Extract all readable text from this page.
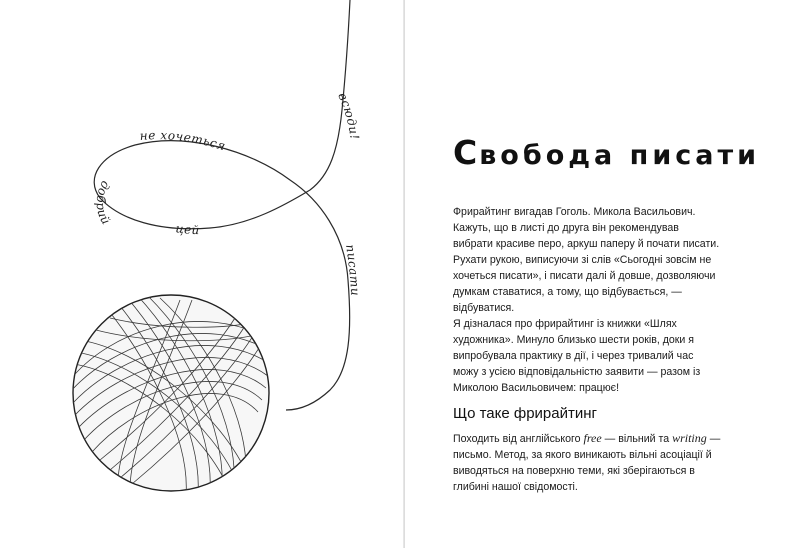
всюди!
не хочеться
добрий
цей
писати
Свобода писати

Фрирайтинг вигадав Гоголь. Микола Васильович. Кажуть, що в листі до друга він рекомендував вибрати красиве перо, аркуш паперу й почати писати. Рухати рукою, виписуючи зі слів «Сьогодні зовсім не хочеться писати», і писати далі й довше, дозволяючи думкам ставатися, а тому, що відбувається, — відбуватися.

Я дізналася про фрирайтинг із книжки «Шлях художника». Минуло близько шести років, доки я випробувала практику в дії, і через тривалий час можу з усією відповідальністю заявити — разом із Миколою Васильовичем: працює!

Що таке фрирайтинг

Походить від англійського free — вільний та writing — письмо. Метод, за якого виникають вільні асоціації й виводяться на поверхню теми, які зберігаються в глибині нашої свідомості.
